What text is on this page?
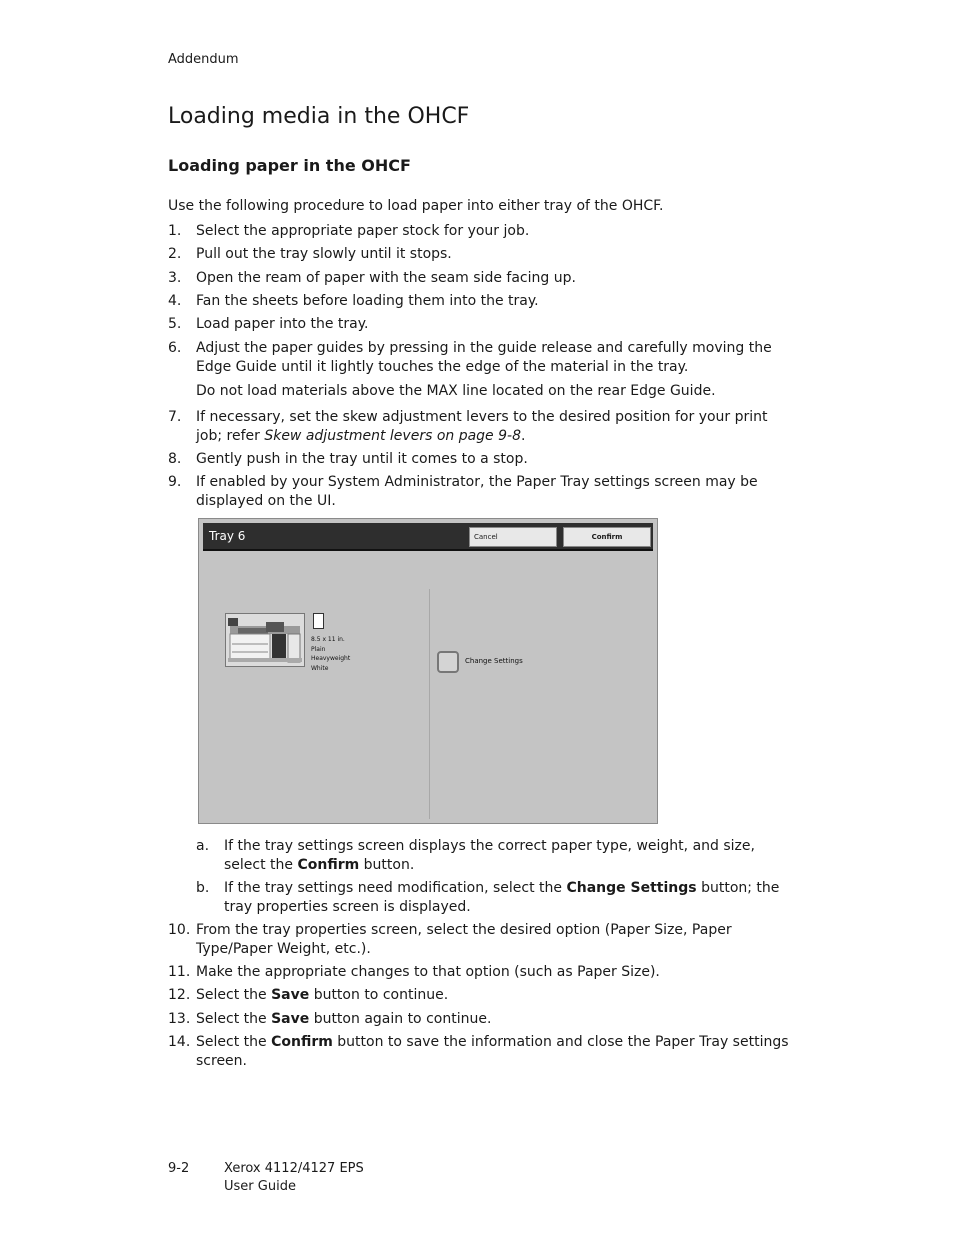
Addendum
Loading media in the OHCF
Loading paper in the OHCF
Use the following procedure to load paper into either tray of the OHCF.
1. Select the appropriate paper stock for your job.
2. Pull out the tray slowly until it stops.
3. Open the ream of paper with the seam side facing up.
4. Fan the sheets before loading them into the tray.
5. Load paper into the tray.
6. Adjust the paper guides by pressing in the guide release and carefully moving the Edge Guide until it lightly touches the edge of the material in the tray.
Do not load materials above the MAX line located on the rear Edge Guide.
7. If necessary, set the skew adjustment levers to the desired position for your print job; refer Skew adjustment levers on page 9-8.
8. Gently push in the tray until it comes to a stop.
9. If enabled by your System Administrator, the Paper Tray settings screen may be displayed on the UI.
Tray 6	Cancel	Confirm
8.5 x 11 in.
Plain
Heavyweight
White
Change Settings
a. If the tray settings screen displays the correct paper type, weight, and size, select the Confirm button.
b. If the tray settings need modification, select the Change Settings button; the tray properties screen is displayed.
10. From the tray properties screen, select the desired option (Paper Size, Paper Type/Paper Weight, etc.).
11. Make the appropriate changes to that option (such as Paper Size).
12. Select the Save button to continue.
13. Select the Save button again to continue.
14. Select the Confirm button to save the information and close the Paper Tray settings screen.
9-2	Xerox 4112/4127 EPS
User Guide
